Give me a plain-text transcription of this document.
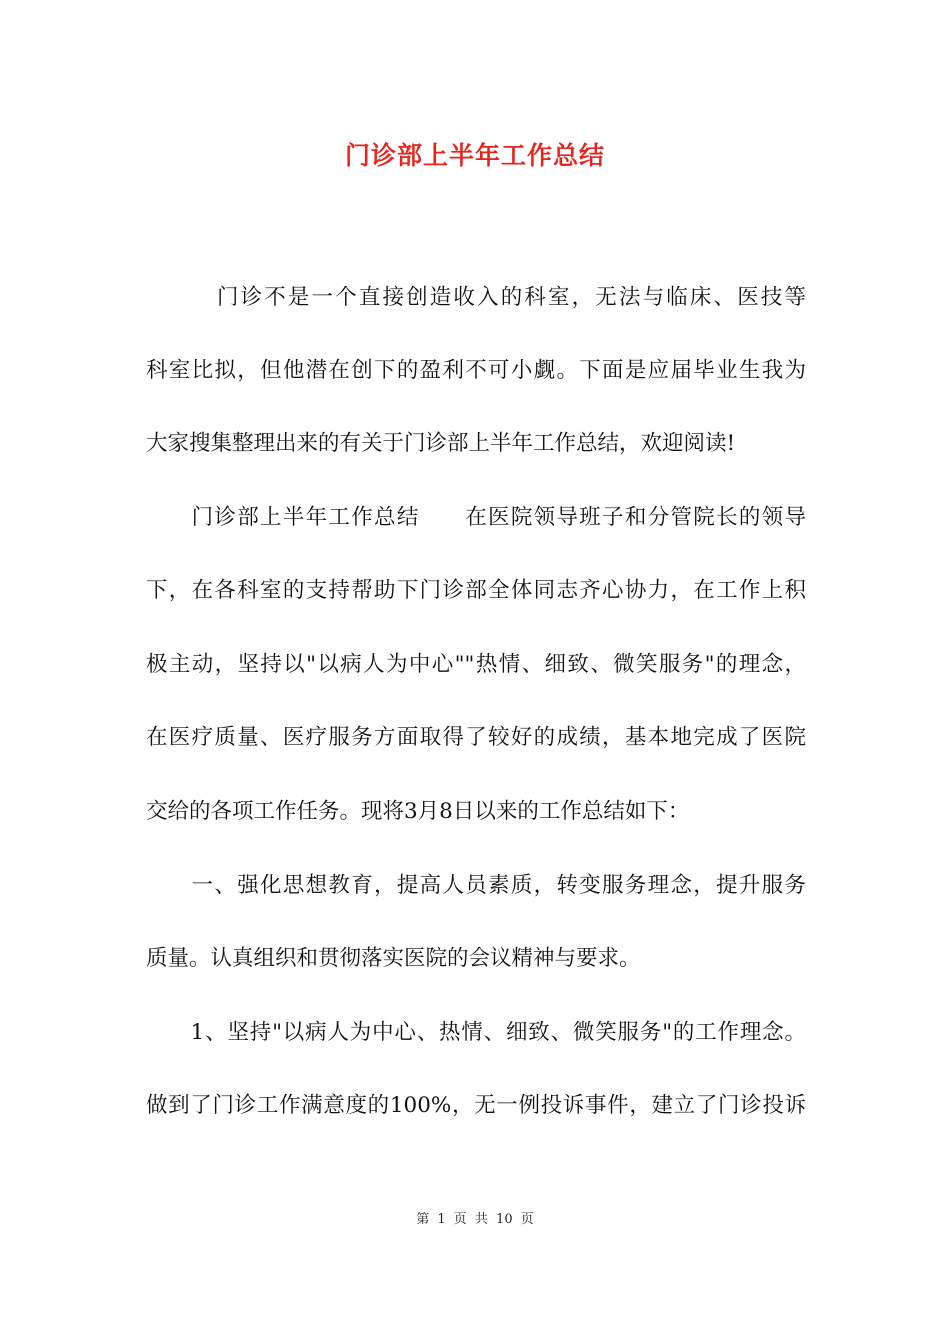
门诊部上半年工作总结
　　　门诊不是一个直接创造收入的科室，无法与临床、医技等
科室比拟，但他潜在创下的盈利不可小觑。下面是应届毕业生我为
大家搜集整理出来的有关于门诊部上半年工作总结，欢迎阅读!
　　门诊部上半年工作总结　　在医院领导班子和分管院长的领导
下，在各科室的支持帮助下门诊部全体同志齐心协力，在工作上积
极主动，坚持以"以病人为中心""热情、细致、微笑服务"的理念，
在医疗质量、医疗服务方面取得了较好的成绩，基本地完成了医院
交给的各项工作任务。现将3月8日以来的工作总结如下：
　　一、强化思想教育，提高人员素质，转变服务理念，提升服务
质量。认真组织和贯彻落实医院的会议精神与要求。
　　1、坚持"以病人为中心、热情、细致、微笑服务"的工作理念。
做到了门诊工作满意度的100%，无一例投诉事件，建立了门诊投诉
第 1 页 共 10 页
